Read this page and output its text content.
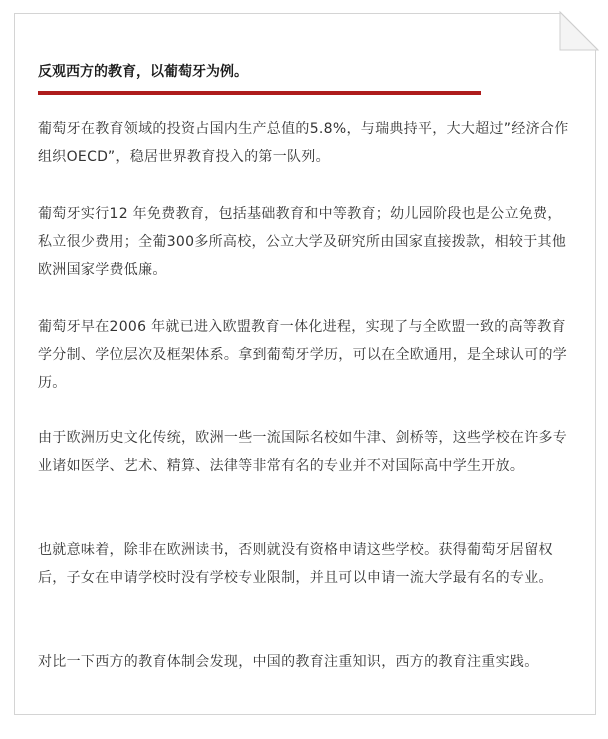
反观西方的教育，以葡萄牙为例。

葡萄牙在教育领域的投资占国内生产总值的5.8%，与瑞典持平，大大超过”经济合作组织OECD”，稳居世界教育投入的第一队列。

葡萄牙实行12 年免费教育，包括基础教育和中等教育；幼儿园阶段也是公立免费，私立很少费用；全葡300多所高校，公立大学及研究所由国家直接拨款，相较于其他欧洲国家学费低廉。

葡萄牙早在2006 年就已进入欧盟教育一体化进程，实现了与全欧盟一致的高等教育学分制、学位层次及框架体系。拿到葡萄牙学历，可以在全欧通用，是全球认可的学历。

由于欧洲历史文化传统，欧洲一些一流国际名校如牛津、剑桥等，这些学校在许多专业诸如医学、艺术、精算、法律等非常有名的专业并不对国际高中学生开放。

也就意味着，除非在欧洲读书，否则就没有资格申请这些学校。获得葡萄牙居留权后，子女在申请学校时没有学校专业限制，并且可以申请一流大学最有名的专业。

对比一下西方的教育体制会发现，中国的教育注重知识，西方的教育注重实践。
